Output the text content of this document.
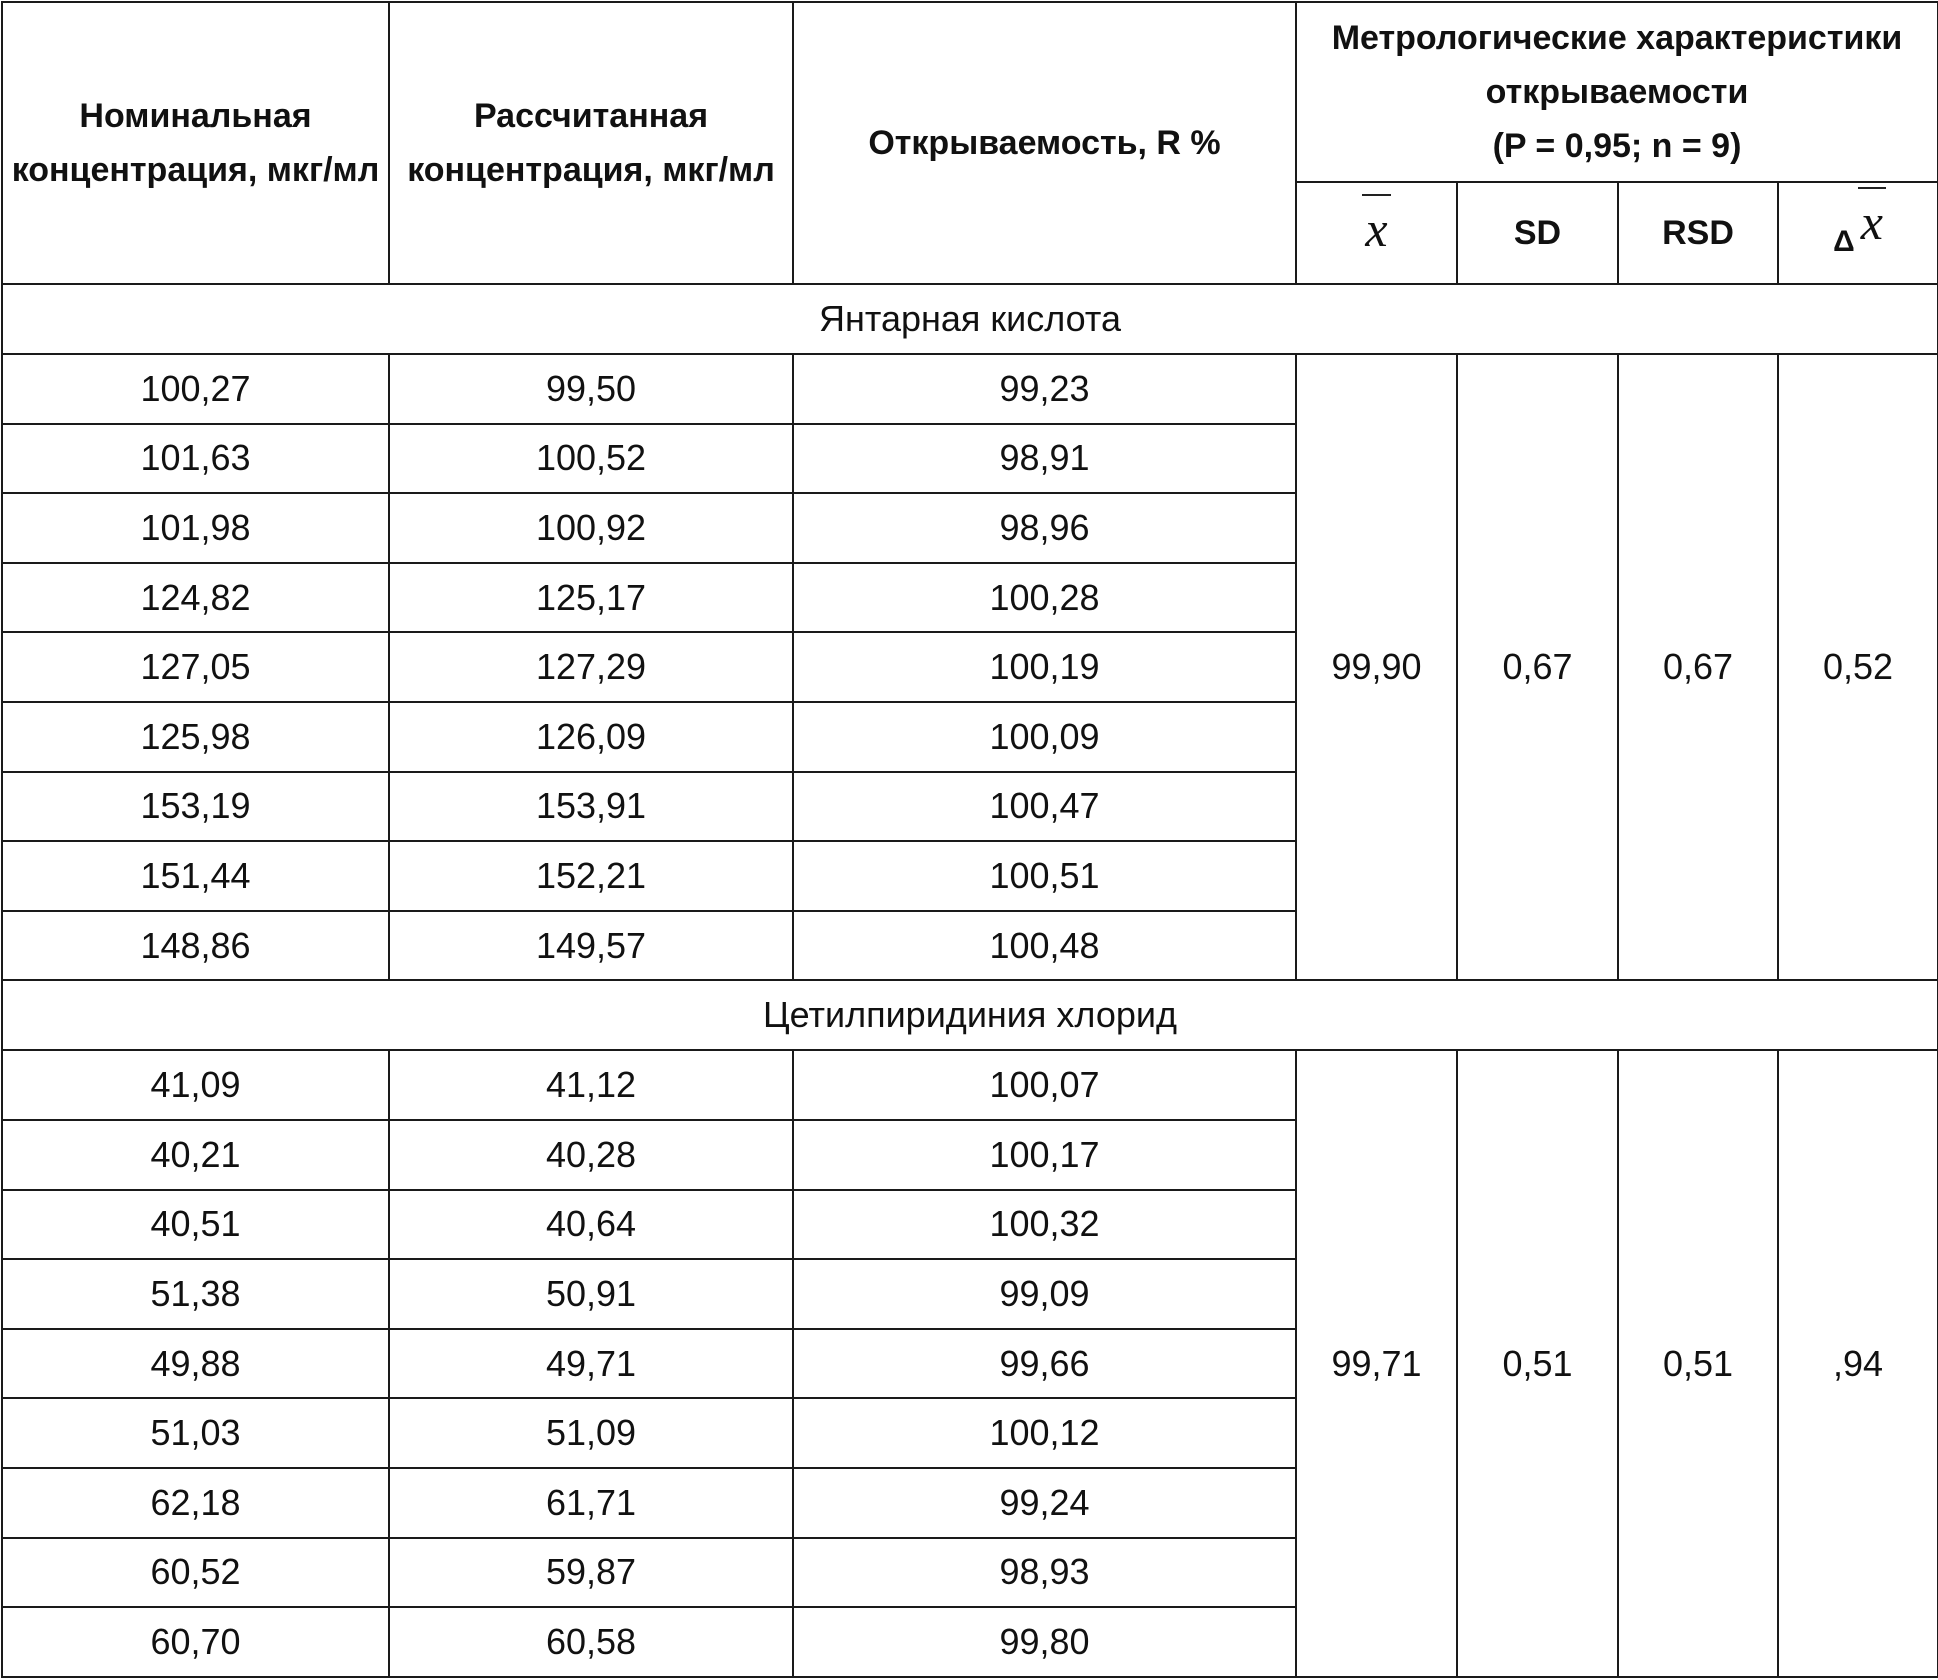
Номинальная концентрация, мкг/мл	Рассчитанная концентрация, мкг/мл	Открываемость, R %	Метрологические характеристики открываемости
(P = 0,95; n = 9)			

			x	SD	RSD	Δ x
Янтарная кислота						
100,27	99,50	99,23	99,90	0,67	0,67	0,52
101,63	100,52	98,91				
101,98	100,92	98,96				
124,82	125,17	100,28				
127,05	127,29	100,19				
125,98	126,09	100,09				
153,19	153,91	100,47				
151,44	152,21	100,51				
148,86	149,57	100,48				
Цетилпиридиния хлорид						
41,09	41,12	100,07	99,71	0,51	0,51	,94
40,21	40,28	100,17				
40,51	40,64	100,32				
51,38	50,91	99,09				
49,88	49,71	99,66				
51,03	51,09	100,12				
62,18	61,71	99,24				
60,52	59,87	98,93				
60,70	60,58	99,80				
